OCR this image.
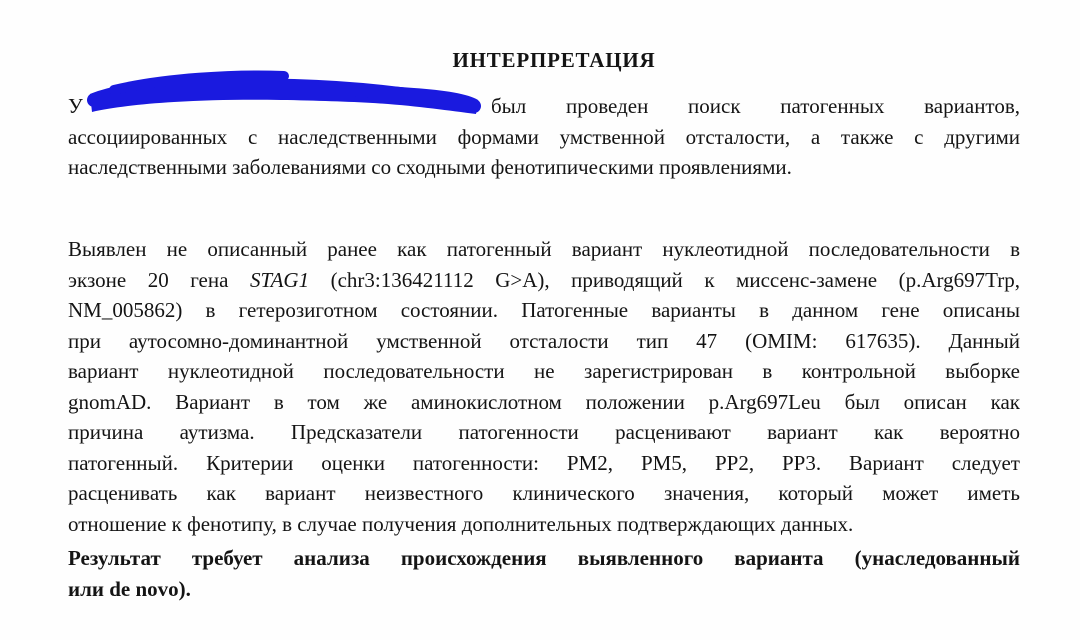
ИНТЕРПРЕТАЦИЯ
У	был проведен поиск патогенных вариантов,
ассоциированных с наследственными формами умственной отсталости, а также с другими
наследственными заболеваниями со сходными фенотипическими проявлениями.
Выявлен не описанный ранее как патогенный вариант нуклеотидной последовательности в
экзоне 20 гена STAG1 (chr3:136421112 G>A), приводящий к миссенс-замене (p.Arg697Trp,
NM_005862) в гетерозиготном состоянии. Патогенные варианты в данном гене описаны
при аутосомно-доминантной умственной отсталости тип 47 (OMIM: 617635). Данный
вариант нуклеотидной последовательности не зарегистрирован в контрольной выборке
gnomAD. Вариант в том же аминокислотном положении p.Arg697Leu был описан как
причина аутизма. Предсказатели патогенности расценивают вариант как вероятно
патогенный. Критерии оценки патогенности: PM2, PM5, PP2, PP3. Вариант следует
расценивать как вариант неизвестного клинического значения, который может иметь
отношение к фенотипу, в случае получения дополнительных подтверждающих данных.
Результат требует анализа происхождения выявленного варианта (унаследованный
или de novo).
